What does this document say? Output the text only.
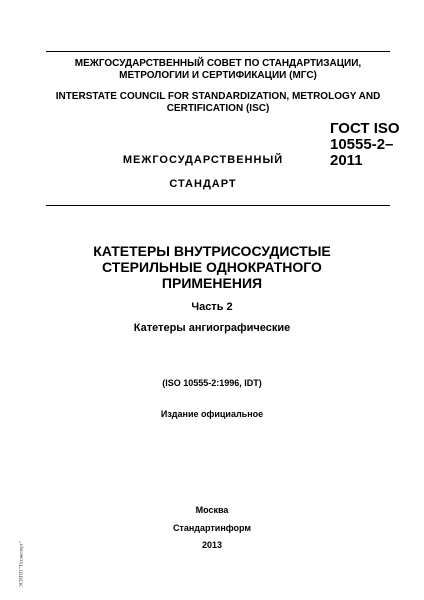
МЕЖГОСУДАРСТВЕННЫЙ СОВЕТ ПО СТАНДАРТИЗАЦИИ, МЕТРОЛОГИИ И СЕРТИФИКАЦИИ (МГС)
INTERSTATE COUNCIL FOR STANDARDIZATION, METROLOGY AND CERTIFICATION (ISC)
МЕЖГОСУДАРСТВЕННЫЙ
СТАНДАРТ
ГОСТ ISO
10555-2–
2011
КАТЕТЕРЫ ВНУТРИСОСУДИСТЫЕ СТЕРИЛЬНЫЕ ОДНОКРАТНОГО ПРИМЕНЕНИЯ
Часть 2
Катетеры ангиографические
(ISO 10555-2:1996, IDT)
Издание официальное
Москва
Стандартинформ
2013
ЭСНПП "Техэксперт"
